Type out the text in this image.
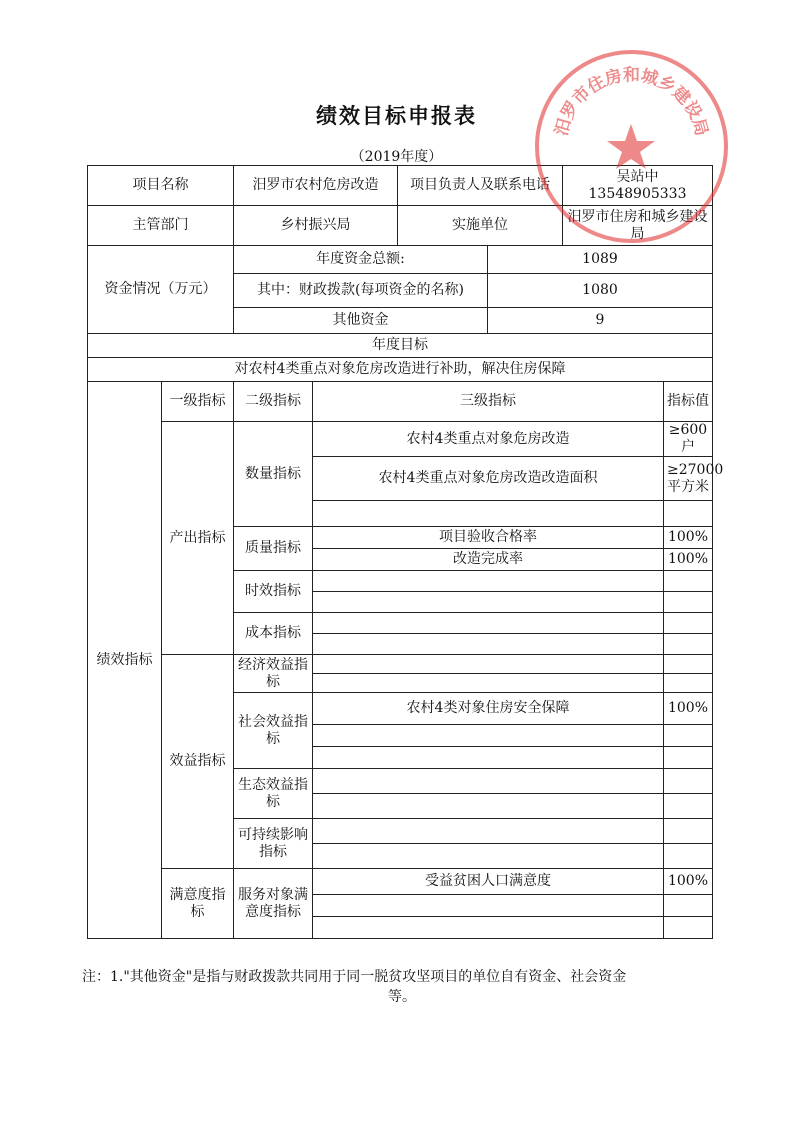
绩效目标申报表
（2019年度）
项目名称		汨罗市农村危房改造		项目负责人及联系电话		吴站中 13548905333	
主管部门		乡村振兴局		实施单位		汨罗市住房和城乡建设局	
资金情况（万元）		年度资金总额:			1089		
		其中：财政拨款(每项资金的名称)			1080		
		其他资金			9		
年度目标							
对农村4类重点对象危房改造进行补助，解决住房保障							
绩效指标	一级指标	二级指标	三级指标				指标值
	产出指标	数量指标	农村4类重点对象危房改造				≥600户
			农村4类重点对象危房改造改造面积				≥27000平方米

		质量指标	项目验收合格率				100%
			改造完成率				100%
		时效指标					

		成本指标					

	效益指标	经济效益指标					

		社会效益指标	农村4类对象住房安全保障				100%

		生态效益指标					

		可持续影响 指标					

	满意度指标	服务对象满意度指标	受益贫困人口满意度				100%

注：1."其他资金"是指与财政拨款共同用于同一脱贫攻坚项目的单位自有资金、社会资金
等。
汨罗市住房和城乡建设局
